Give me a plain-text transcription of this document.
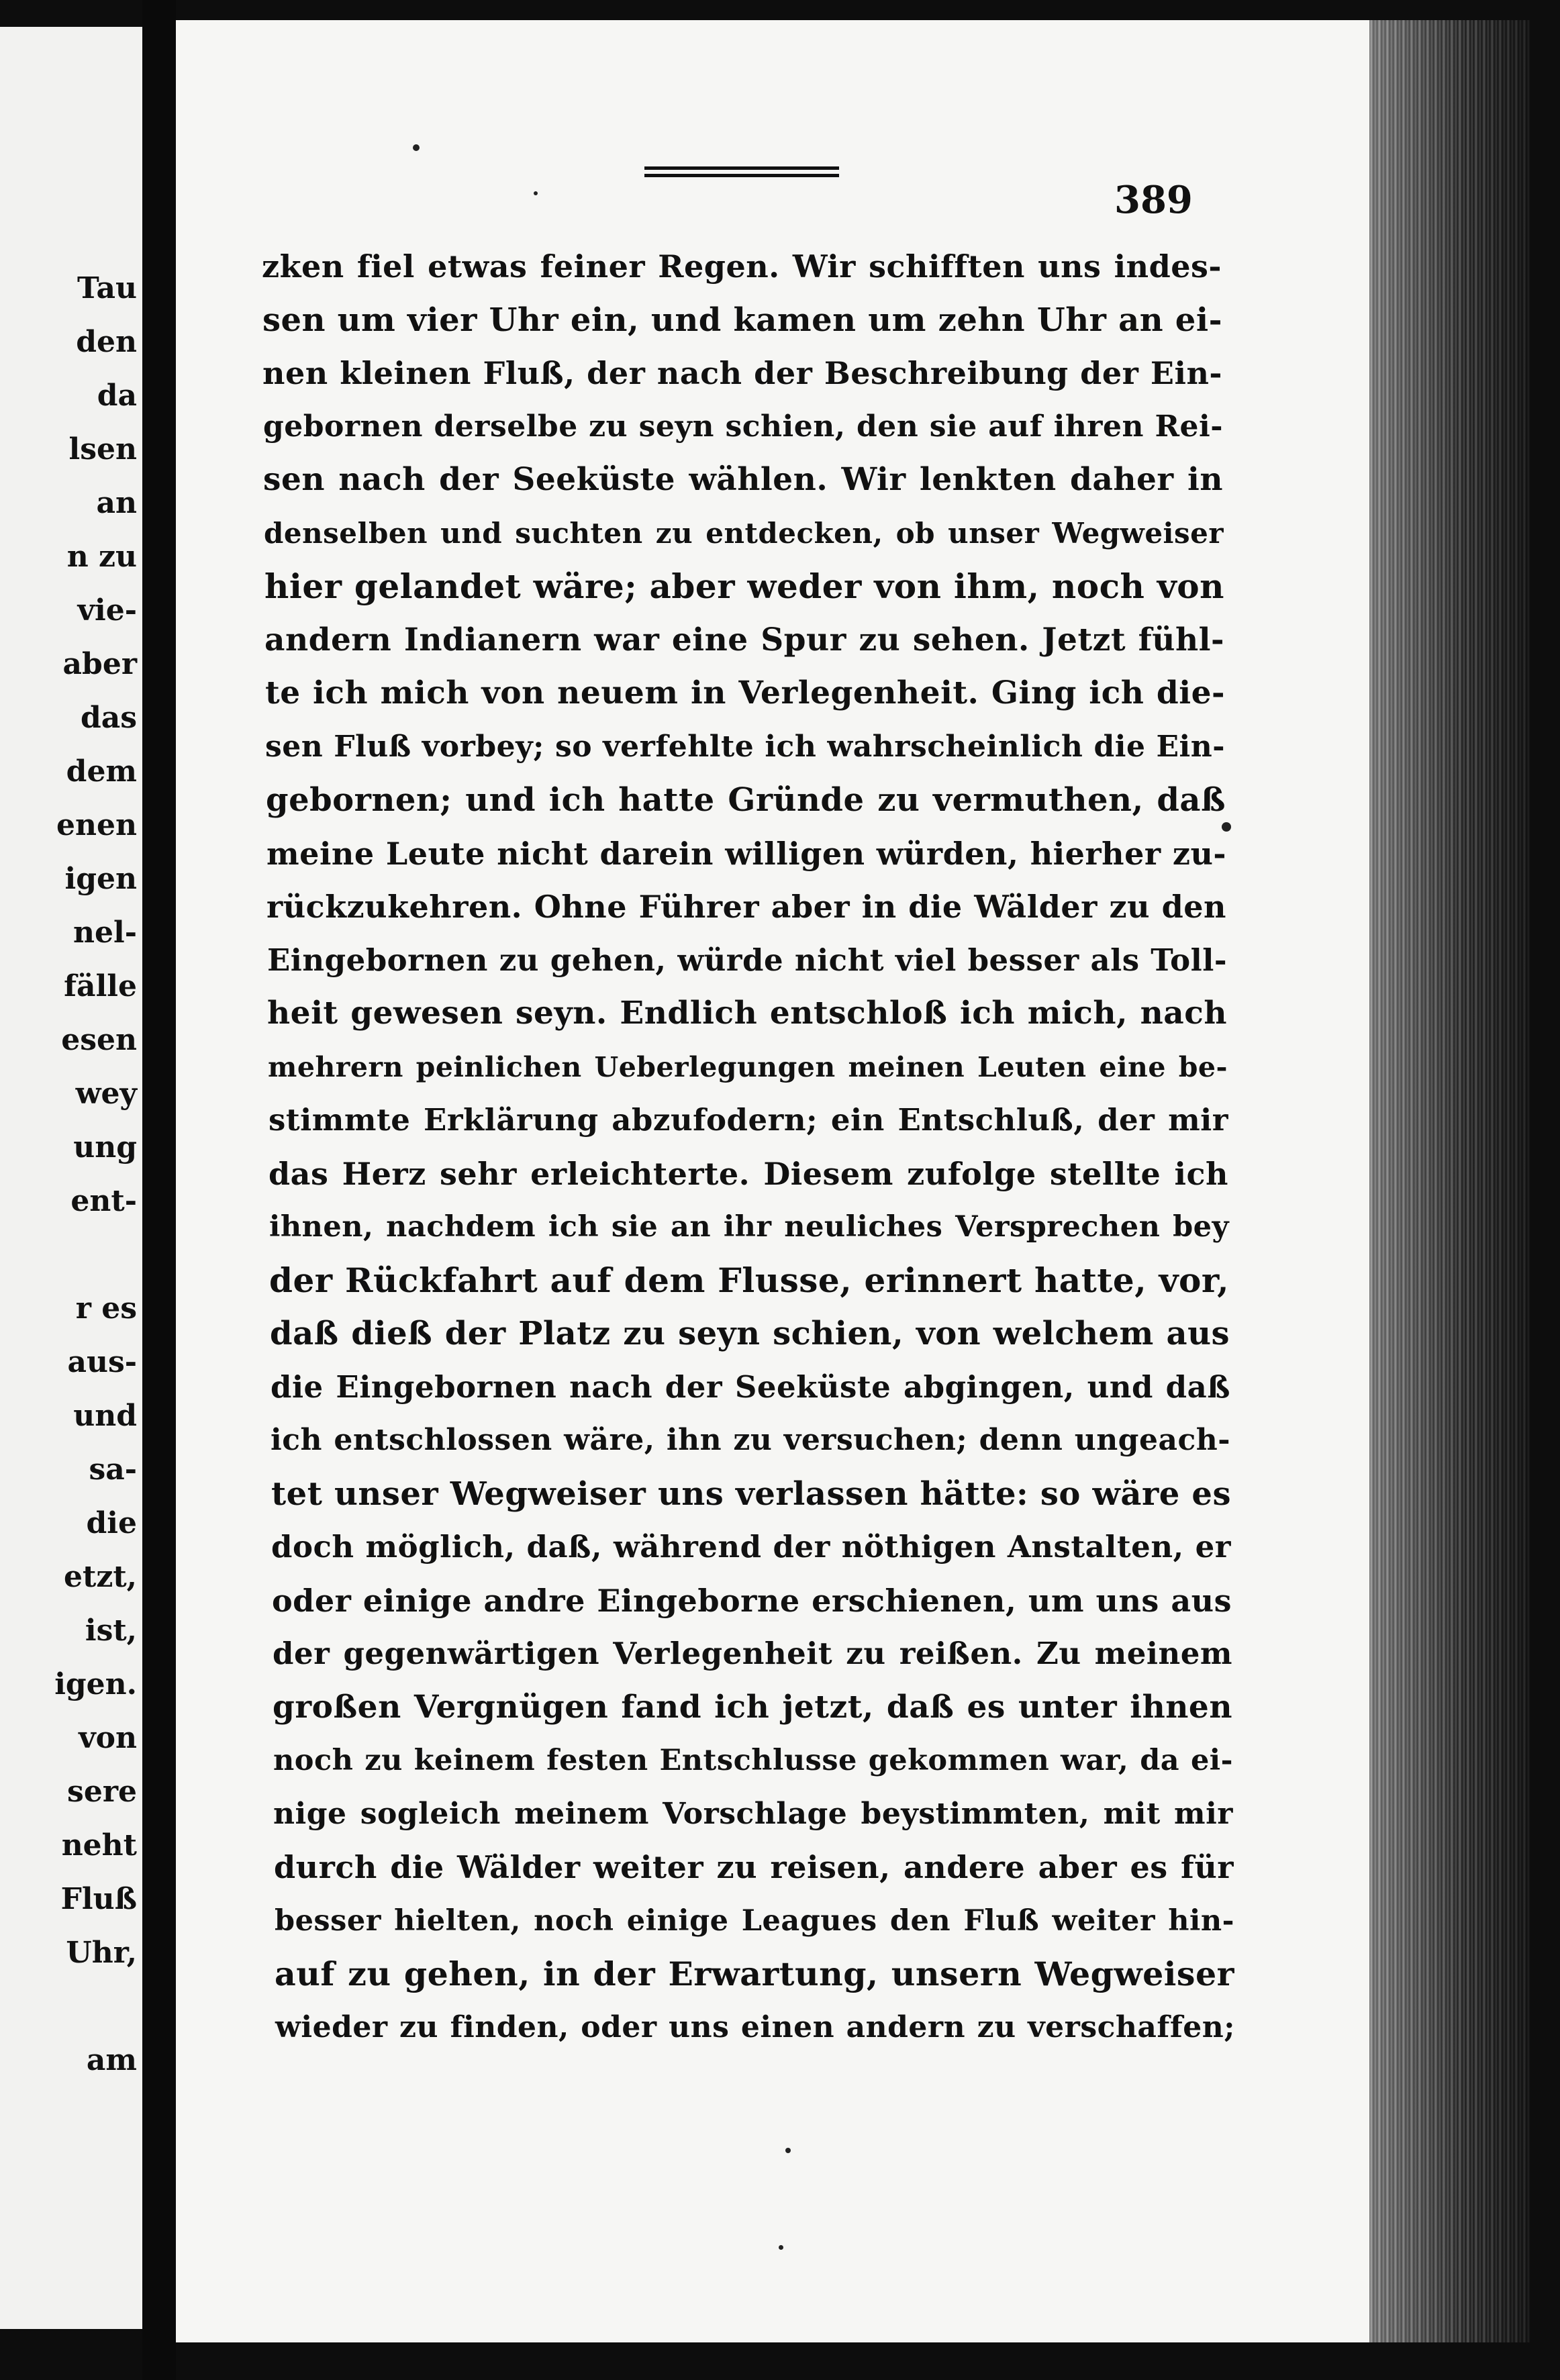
Tau
den
da
lsen
an
n zu
vie-
aber
das
dem
enen
igen
nel-
fälle
esen
wey
ung
ent-
r es
aus-
und
sa-
die
etzt,
ist,
igen.
von
sere
neht
Fluß
Uhr,
am
389
zken fiel etwas feiner Regen. Wir schifften uns indes-
sen um vier Uhr ein, und kamen um zehn Uhr an ei-
nen kleinen Fluß, der nach der Beschreibung der Ein-
gebornen derselbe zu seyn schien, den sie auf ihren Rei-
sen nach der Seeküste wählen. Wir lenkten daher in
denselben und suchten zu entdecken, ob unser Wegweiser
hier gelandet wäre; aber weder von ihm, noch von
andern Indianern war eine Spur zu sehen. Jetzt fühl-
te ich mich von neuem in Verlegenheit. Ging ich die-
sen Fluß vorbey; so verfehlte ich wahrscheinlich die Ein-
gebornen; und ich hatte Gründe zu vermuthen, daß
meine Leute nicht darein willigen würden, hierher zu-
rückzukehren. Ohne Führer aber in die Wälder zu den
Eingebornen zu gehen, würde nicht viel besser als Toll-
heit gewesen seyn. Endlich entschloß ich mich, nach
mehrern peinlichen Ueberlegungen meinen Leuten eine be-
stimmte Erklärung abzufodern; ein Entschluß, der mir
das Herz sehr erleichterte. Diesem zufolge stellte ich
ihnen, nachdem ich sie an ihr neuliches Versprechen bey
der Rückfahrt auf dem Flusse, erinnert hatte, vor,
daß dieß der Platz zu seyn schien, von welchem aus
die Eingebornen nach der Seeküste abgingen, und daß
ich entschlossen wäre, ihn zu versuchen; denn ungeach-
tet unser Wegweiser uns verlassen hätte: so wäre es
doch möglich, daß, während der nöthigen Anstalten, er
oder einige andre Eingeborne erschienen, um uns aus
der gegenwärtigen Verlegenheit zu reißen. Zu meinem
großen Vergnügen fand ich jetzt, daß es unter ihnen
noch zu keinem festen Entschlusse gekommen war, da ei-
nige sogleich meinem Vorschlage beystimmten, mit mir
durch die Wälder weiter zu reisen, andere aber es für
besser hielten, noch einige Leagues den Fluß weiter hin-
auf zu gehen, in der Erwartung, unsern Wegweiser
wieder zu finden, oder uns einen andern zu verschaffen;
